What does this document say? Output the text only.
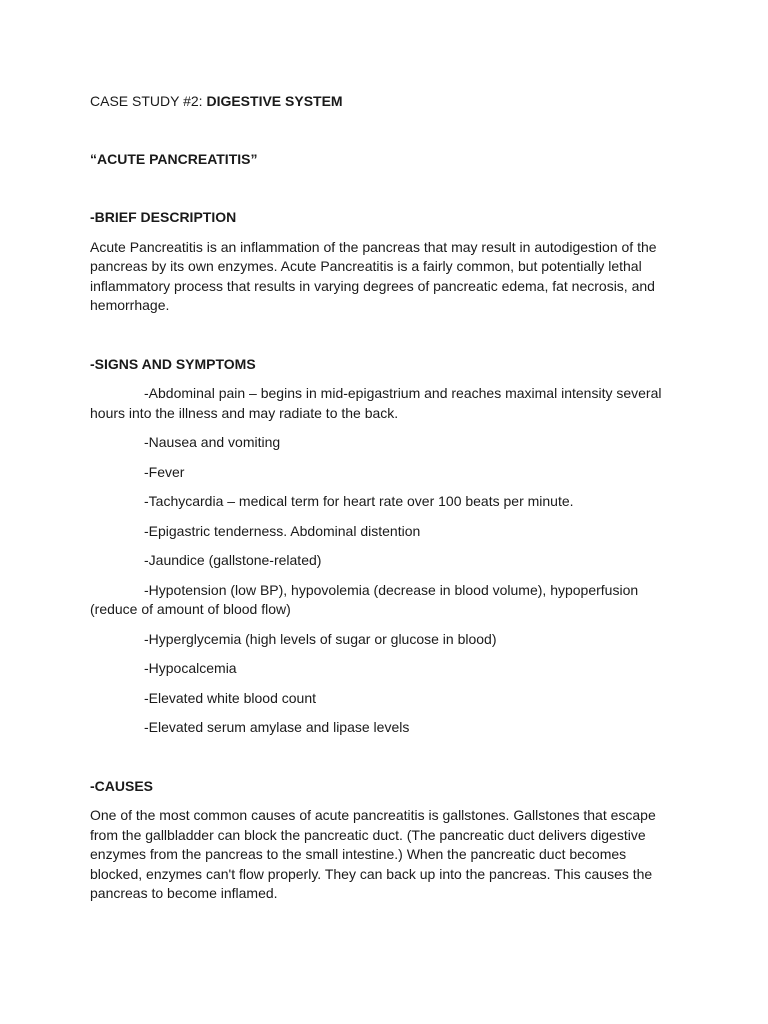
CASE STUDY #2: DIGESTIVE SYSTEM
“ACUTE PANCREATITIS”
-BRIEF DESCRIPTION
Acute Pancreatitis is an inflammation of the pancreas that may result in autodigestion of the pancreas by its own enzymes. Acute Pancreatitis is a fairly common, but potentially lethal inflammatory process that results in varying degrees of pancreatic edema, fat necrosis, and hemorrhage.
-SIGNS AND SYMPTOMS

-Abdominal pain – begins in mid-epigastrium and reaches maximal intensity several hours into the illness and may radiate to the back.

-Nausea and vomiting

-Fever

-Tachycardia – medical term for heart rate over 100 beats per minute.

-Epigastric tenderness. Abdominal distention

-Jaundice (gallstone-related)

-Hypotension (low BP), hypovolemia (decrease in blood volume), hypoperfusion (reduce of amount of blood flow)

-Hyperglycemia (high levels of sugar or glucose in blood)

-Hypocalcemia

-Elevated white blood count

-Elevated serum amylase and lipase levels

-CAUSES
One of the most common causes of acute pancreatitis is gallstones. Gallstones that escape from the gallbladder can block the pancreatic duct. (The pancreatic duct delivers digestive enzymes from the pancreas to the small intestine.) When the pancreatic duct becomes blocked, enzymes can't flow properly. They can back up into the pancreas. This causes the pancreas to become inflamed.
